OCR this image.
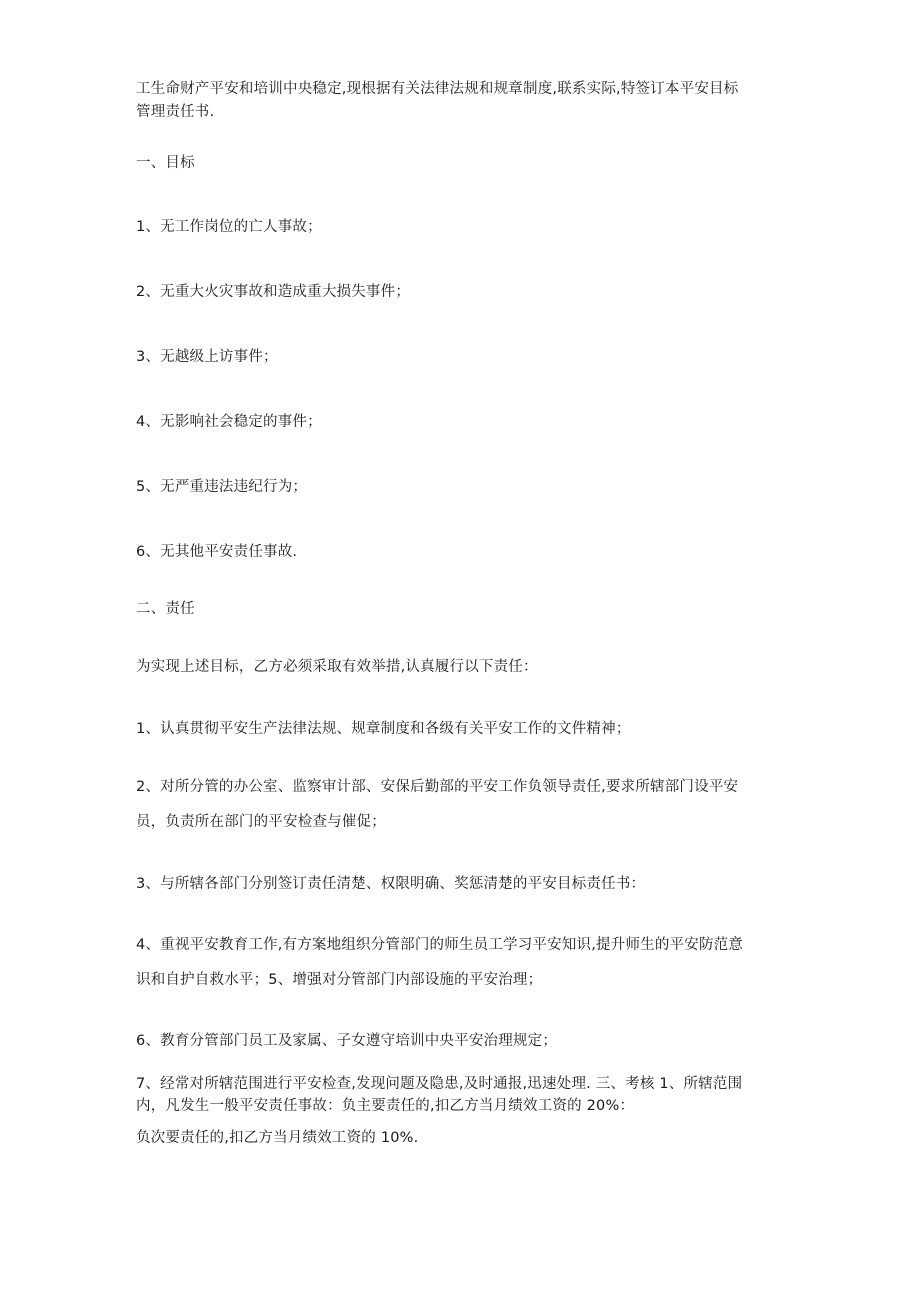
工生命财产平安和培训中央稳定,现根据有关法律法规和规章制度,联系实际,特签订本平安目标
管理责任书.
一、目标
1、无工作岗位的亡人事故；
2、无重大火灾事故和造成重大损失事件；
3、无越级上访事件；
4、无影响社会稳定的事件；
5、无严重违法违纪行为；
6、无其他平安责任事故.
二、责任
为实现上述目标，乙方必须采取有效举措,认真履行以下责任：
1、认真贯彻平安生产法律法规、规章制度和各级有关平安工作的文件精神；
2、对所分管的办公室、监察审计部、安保后勤部的平安工作负领导责任,要求所辖部门设平安
员，负责所在部门的平安检查与催促；
3、与所辖各部门分别签订责任清楚、权限明确、奖惩清楚的平安目标责任书：
4、重视平安教育工作,有方案地组织分管部门的师生员工学习平安知识,提升师生的平安防范意
识和自护自救水平；5、增强对分管部门内部设施的平安治理；
6、教育分管部门员工及家属、子女遵守培训中央平安治理规定；
7、经常对所辖范围进行平安检查,发现问题及隐患,及时通报,迅速处理. 三、考核 1、所辖范围
内，凡发生一般平安责任事故：负主要责任的,扣乙方当月绩效工资的 20%：
负次要责任的,扣乙方当月绩效工资的 10%.
